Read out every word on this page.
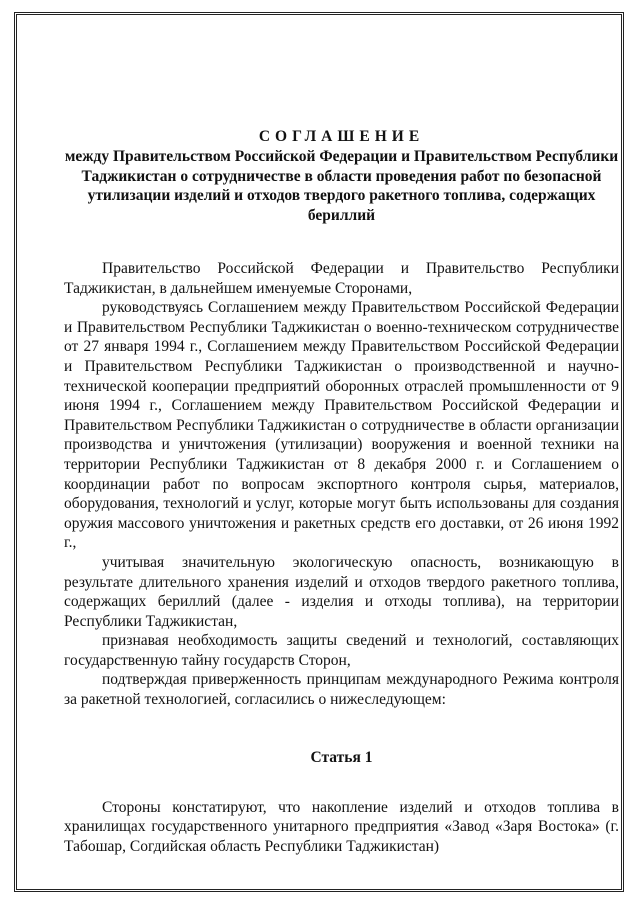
СОГЛАШЕНИЕ

между Правительством Российской Федерации и Правительством Республики Таджикистан о сотрудничестве в области проведения работ по безопасной утилизации изделий и отходов твердого ракетного топлива, содержащих бериллий

Правительство Российской Федерации и Правительство Республики Таджикистан, в дальнейшем именуемые Сторонами,

руководствуясь Соглашением между Правительством Российской Федерации и Правительством Республики Таджикистан о военно-техническом сотрудничестве от 27 января 1994 г., Соглашением между Правительством Российской Федерации и Правительством Республики Таджикистан о производственной и научно-технической кооперации предприятий оборонных отраслей промышленности от 9 июня 1994 г., Соглашением между Правительством Российской Федерации и Правительством Республики Таджикистан о сотрудничестве в области организации производства и уничтожения (утилизации) вооружения и военной техники на территории Республики Таджикистан от 8 декабря 2000 г. и Соглашением о координации работ по вопросам экспортного контроля сырья, материалов, оборудования, технологий и услуг, которые могут быть использованы для создания оружия массового уничтожения и ракетных средств его доставки, от 26 июня 1992 г.,

учитывая значительную экологическую опасность, возникающую в результате длительного хранения изделий и отходов твердого ракетного топлива, содержащих бериллий (далее - изделия и отходы топлива), на территории Республики Таджикистан,

признавая необходимость защиты сведений и технологий, составляющих государственную тайну государств Сторон,

подтверждая приверженность принципам международного Режима контроля за ракетной технологией, согласились о нижеследующем:

Статья 1

Стороны констатируют, что накопление изделий и отходов топлива в хранилищах государственного унитарного предприятия «Завод «Заря Востока» (г. Табошар, Согдийская область Республики Таджикистан)
